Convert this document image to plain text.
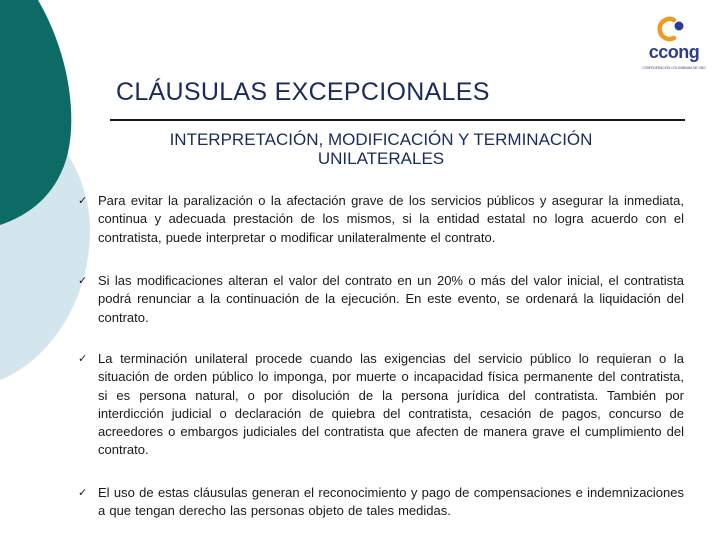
ccong
CONFEDERACIÓN COLOMBIANA DE ONG
CLÁUSULAS EXCEPCIONALES
INTERPRETACIÓN, MODIFICACIÓN Y TERMINACIÓN UNILATERALES
✓ Para evitar la paralización o la afectación grave de los servicios públicos y asegurar la inmediata, continua y adecuada prestación de los mismos, si la entidad estatal no logra acuerdo con el contratista, puede interpretar o modificar unilateralmente el contrato.

✓ Si las modificaciones alteran el valor del contrato en un 20% o más del valor inicial, el contratista podrá renunciar a la continuación de la ejecución. En este evento, se ordenará la liquidación del contrato.

✓ La terminación unilateral procede cuando las exigencias del servicio público lo requieran o la situación de orden público lo imponga, por muerte o incapacidad física permanente del contratista, si es persona natural, o por disolución de la persona jurídica del contratista. También por interdicción judicial o declaración de quiebra del contratista, cesación de pagos, concurso de acreedores o embargos judiciales del contratista que afecten de manera grave el cumplimiento del contrato.

✓ El uso de estas cláusulas generan el reconocimiento y pago de compensaciones e indemnizaciones a que tengan derecho las personas objeto de tales medidas.
